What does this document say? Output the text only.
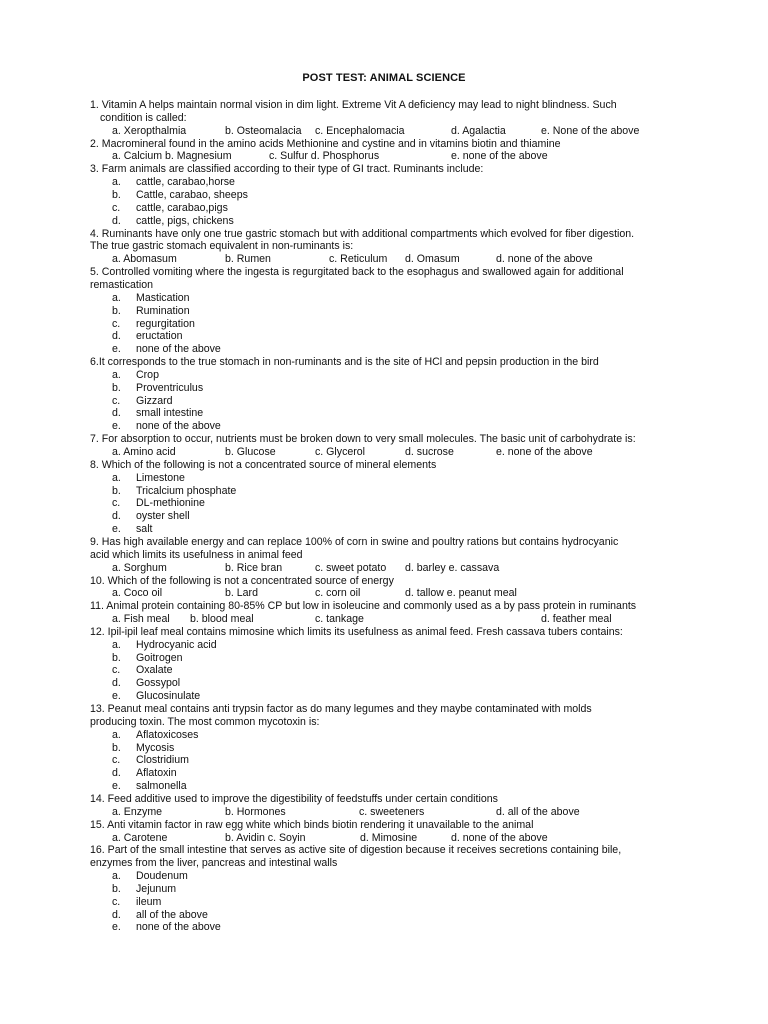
POST TEST: ANIMAL SCIENCE
1. Vitamin A helps maintain normal vision in dim light. Extreme Vit A deficiency may lead to night blindness. Such
condition is called:
a. Xeropthalmia	b. Osteomalacia c. Encephalomacia	d. Agalactia	e. None of the above
2. Macromineral found in the amino acids Methionine and cystine and in vitamins biotin and thiamine
a. Calcium b. Magnesium	c. Sulfur d. Phosphorus	e. none of the above
3. Farm animals are classified according to their type of GI tract. Ruminants include:
a. cattle, carabao,horse
b. Cattle, carabao, sheeps
c. cattle, carabao,pigs
d. cattle, pigs, chickens
4. Ruminants have only one true gastric stomach but with additional compartments which evolved for fiber digestion.
The true gastric stomach equivalent in non-ruminants is:
a. Abomasum	b. Rumen	c. Reticulum d. Omasum	d. none of the above
5. Controlled vomiting where the ingesta is regurgitated back to the esophagus and swallowed again for additional
remastication
a. Mastication
b. Rumination
c. regurgitation
d. eructation
e. none of the above
6.It corresponds to the true stomach in non-ruminants and is the site of HCl and pepsin production in the bird
a. Crop
b. Proventriculus
c. Gizzard
d. small intestine
e. none of the above
7. For absorption to occur, nutrients must be broken down to very small molecules. The basic unit of carbohydrate is:
a. Amino acid	b. Glucose	c. Glycerol	d. sucrose	e. none of the above
8. Which of the following is not a concentrated source of mineral elements
a. Limestone
b. Tricalcium phosphate
c. DL-methionine
d. oyster shell
e. salt
9. Has high available energy and can replace 100% of corn in swine and poultry rations but contains hydrocyanic
acid which limits its usefulness in animal feed
a. Sorghum	b. Rice bran	c. sweet potato d. barley e. cassava
10. Which of the following is not a concentrated source of energy
a. Coco oil	b. Lard	c. corn oil	d. tallow e. peanut meal
11. Animal protein containing 80-85% CP but low in isoleucine and commonly used as a by pass protein in ruminants
a. Fish meal b. blood meal	c. tankage	d. feather meal
12. Ipil-ipil leaf meal contains mimosine which limits its usefulness as animal feed. Fresh cassava tubers contains:
a. Hydrocyanic acid
b. Goitrogen
c. Oxalate
d. Gossypol
e. Glucosinulate
13. Peanut meal contains anti trypsin factor as do many legumes and they maybe contaminated with molds
producing toxin. The most common mycotoxin is:
a. Aflatoxicoses
b. Mycosis
c. Clostridium
d. Aflatoxin
e. salmonella
14. Feed additive used to improve the digestibility of feedstuffs under certain conditions
a. Enzyme	b. Hormones	c. sweeteners	d. all of the above
15. Anti vitamin factor in raw egg white which binds biotin rendering it unavailable to the animal
a. Carotene	b. Avidin c. Soyin	d. Mimosine	d. none of the above
16. Part of the small intestine that serves as active site of digestion because it receives secretions containing bile,
enzymes from the liver, pancreas and intestinal walls
a. Doudenum
b. Jejunum
c. ileum
d. all of the above
e. none of the above
